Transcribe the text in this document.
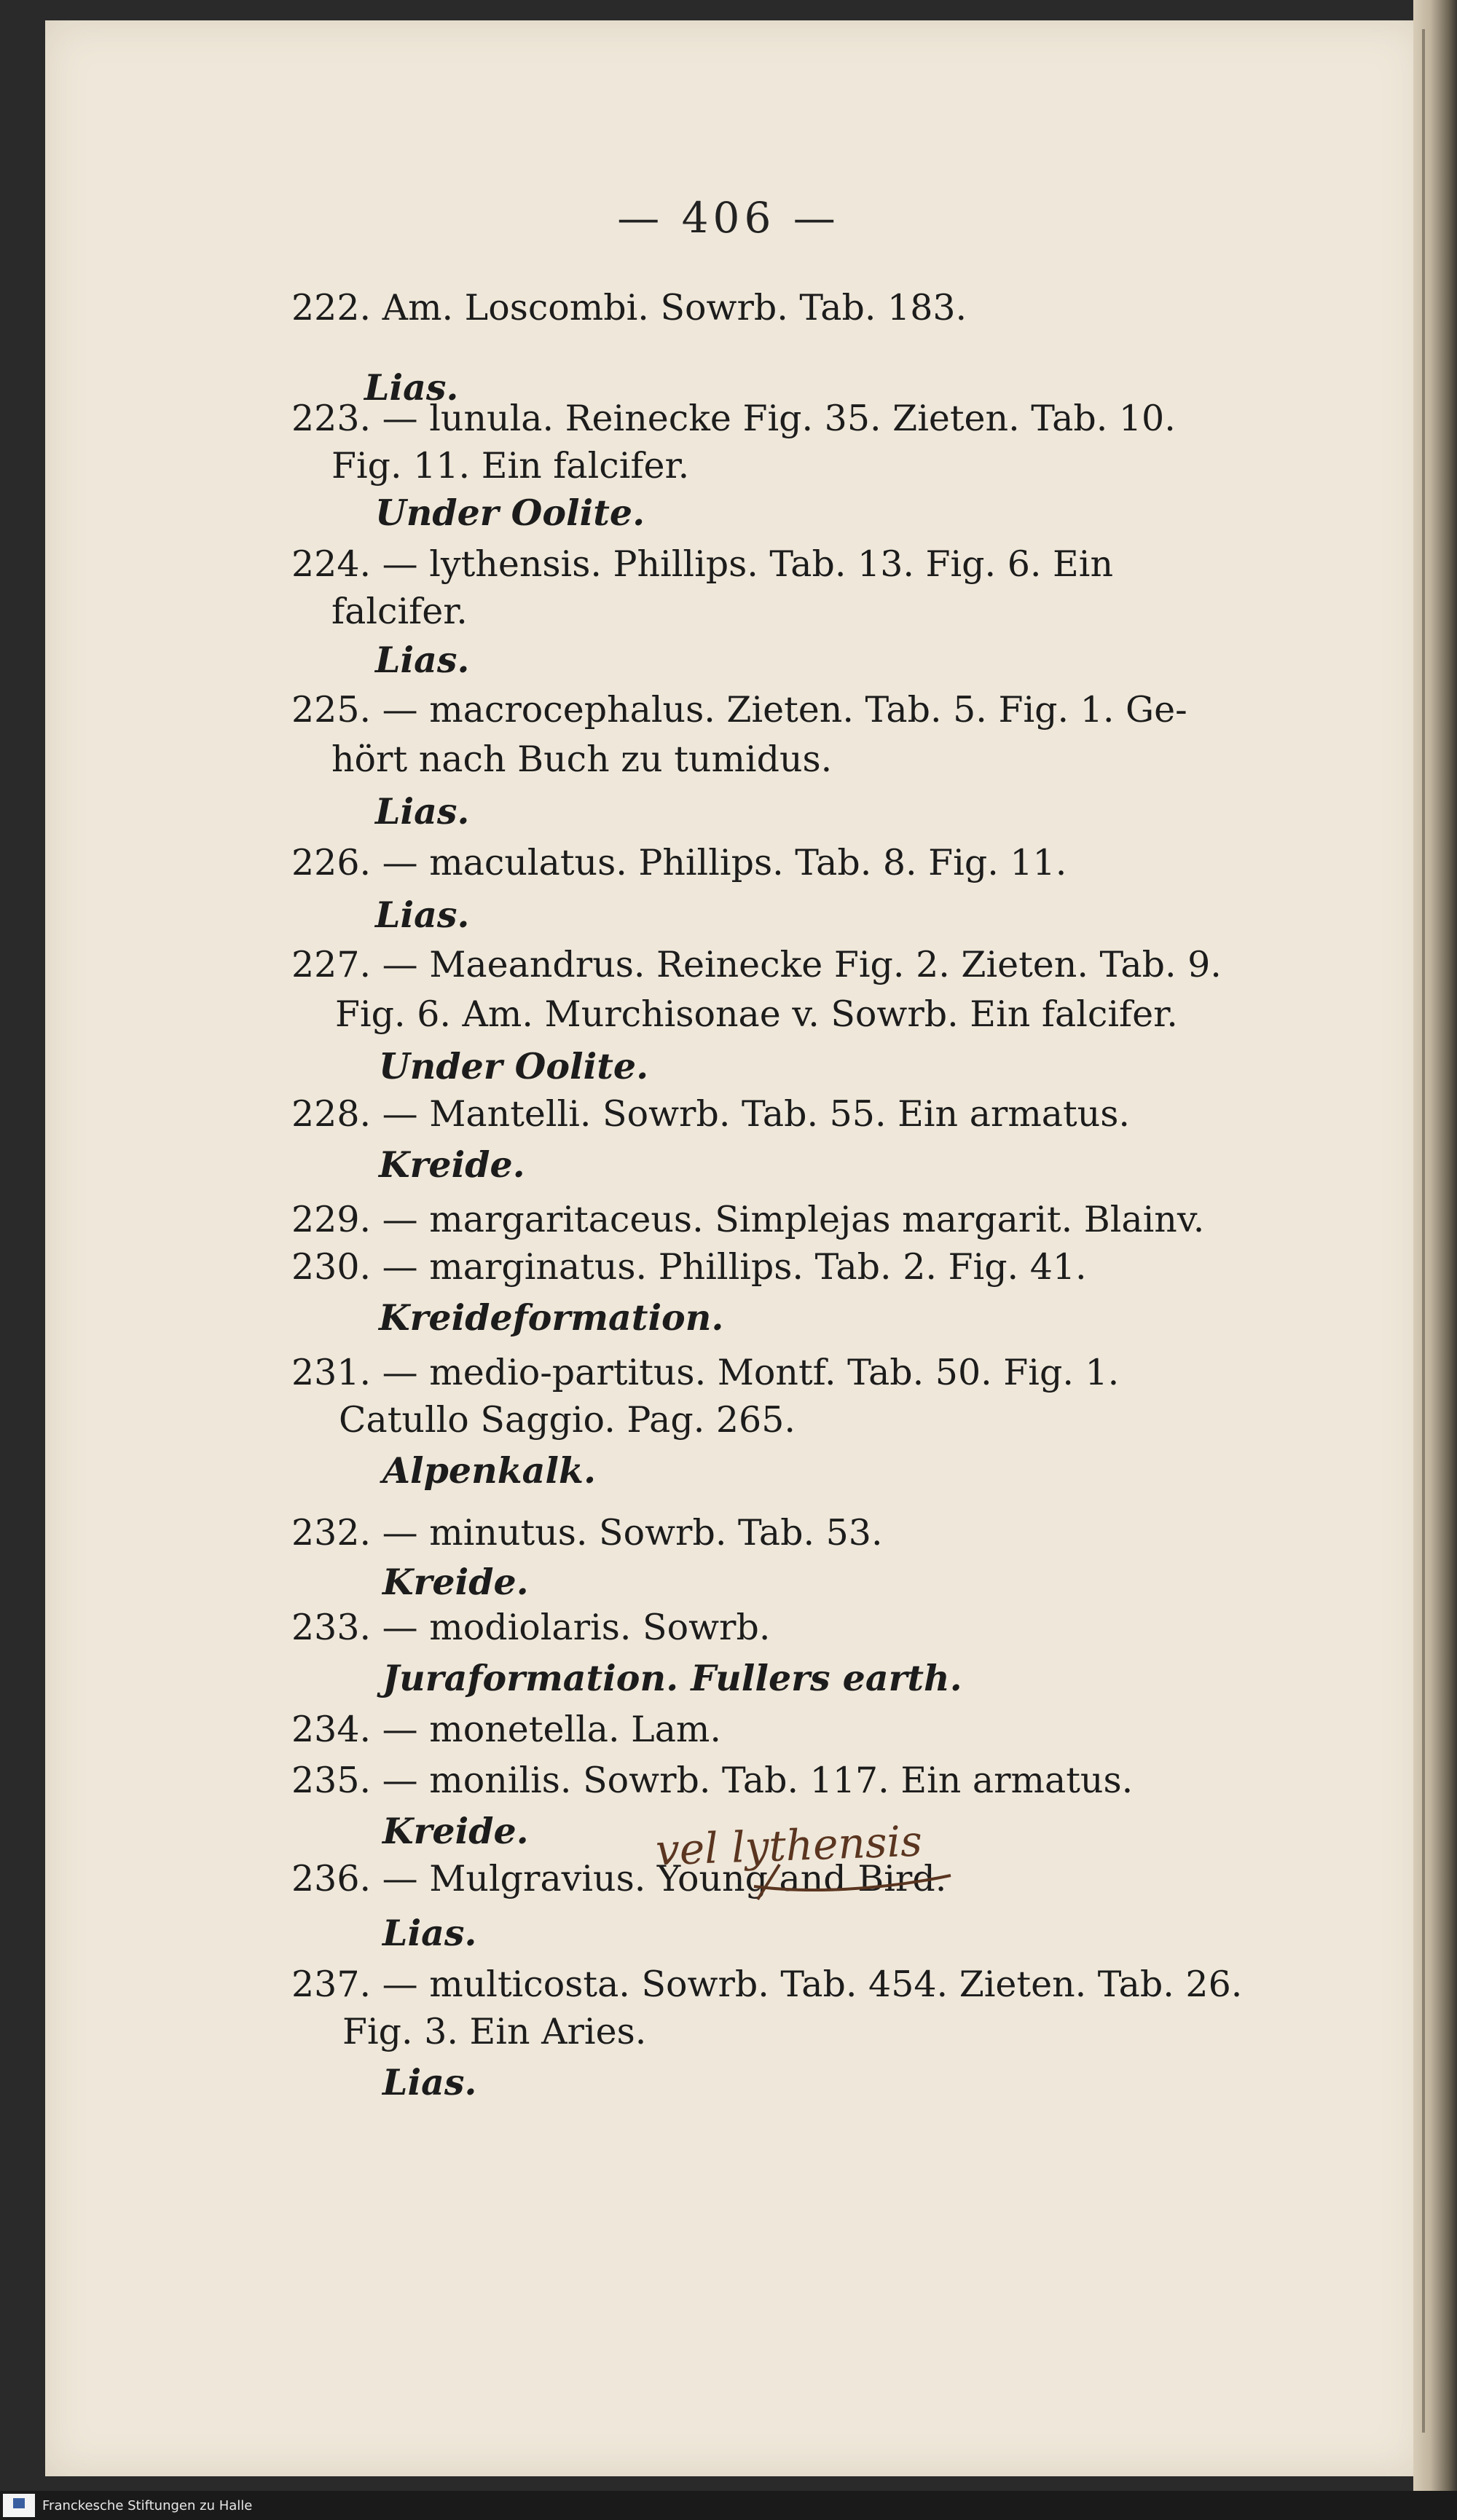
— 406 —
222. Am. Loscombi. Sowrb. Tab. 183.
Lias.
223. — lunula. Reinecke Fig. 35. Zieten. Tab. 10.
Fig. 11. Ein falcifer.
Under Oolite.
224. — lythensis. Phillips. Tab. 13. Fig. 6. Ein
falcifer.
Lias.
225. — macrocephalus. Zieten. Tab. 5. Fig. 1. Ge-
hört nach Buch zu tumidus.
Lias.
226. — maculatus. Phillips. Tab. 8. Fig. 11.
Lias.
227. — Maeandrus. Reinecke Fig. 2. Zieten. Tab. 9.
Fig. 6. Am. Murchisonae v. Sowrb. Ein falcifer.
Under Oolite.
228. — Mantelli. Sowrb. Tab. 55. Ein armatus.
Kreide.
229. — margaritaceus. Simplejas margarit. Blainv.
230. — marginatus. Phillips. Tab. 2. Fig. 41.
Kreideformation.
231. — medio-partitus. Montf. Tab. 50. Fig. 1.
Catullo Saggio. Pag. 265.
Alpenkalk.
232. — minutus. Sowrb. Tab. 53.
Kreide.
233. — modiolaris. Sowrb.
Juraformation. Fullers earth.
234. — monetella. Lam.
235. — monilis. Sowrb. Tab. 117. Ein armatus.
Kreide.
236. — Mulgravius. Young and Bird.
Lias.
237. — multicosta. Sowrb. Tab. 454. Zieten. Tab. 26.
Fig. 3. Ein Aries.
Lias.
vel lythensis
Franckesche Stiftungen zu Halle
